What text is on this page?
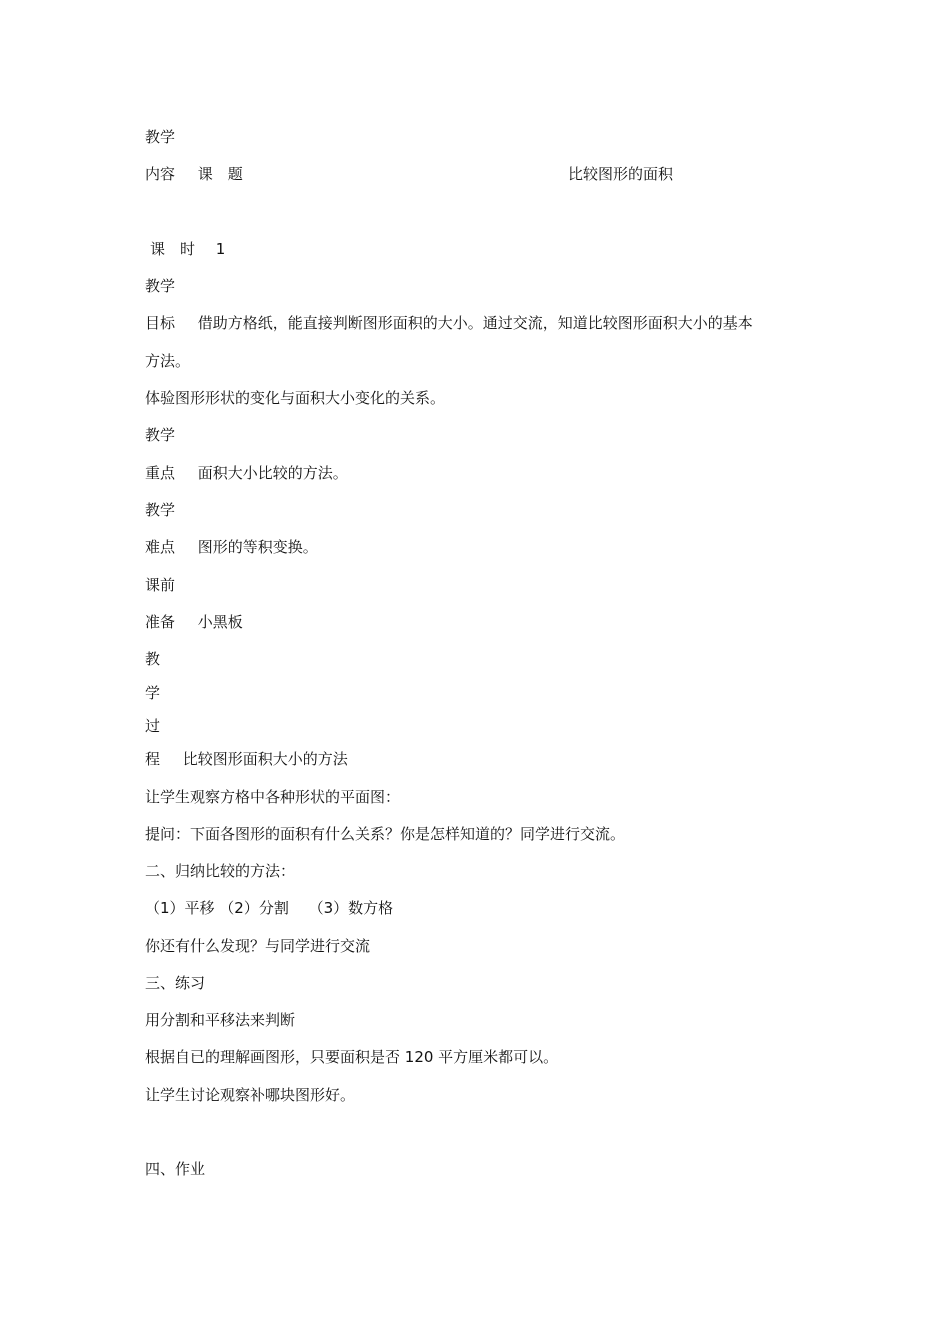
教学
内容 课　题	比较图形的面积
课　时 1
教学
目标 借助方格纸，能直接判断图形面积的大小。通过交流，知道比较图形面积大小的基本
方法。
体验图形形状的变化与面积大小变化的关系。
教学
重点 面积大小比较的方法。
教学
难点 图形的等积变换。
课前
准备 小黑板
教
学
过
程 比较图形面积大小的方法
让学生观察方格中各种形状的平面图：
提问：下面各图形的面积有什么关系？你是怎样知道的？同学进行交流。
二、归纳比较的方法：
（1）平移 （2）分割　 （3）数方格
你还有什么发现？与同学进行交流
三、练习
用分割和平移法来判断
根据自已的理解画图形，只要面积是否 120 平方厘米都可以。
让学生讨论观察补哪块图形好。
四、作业
